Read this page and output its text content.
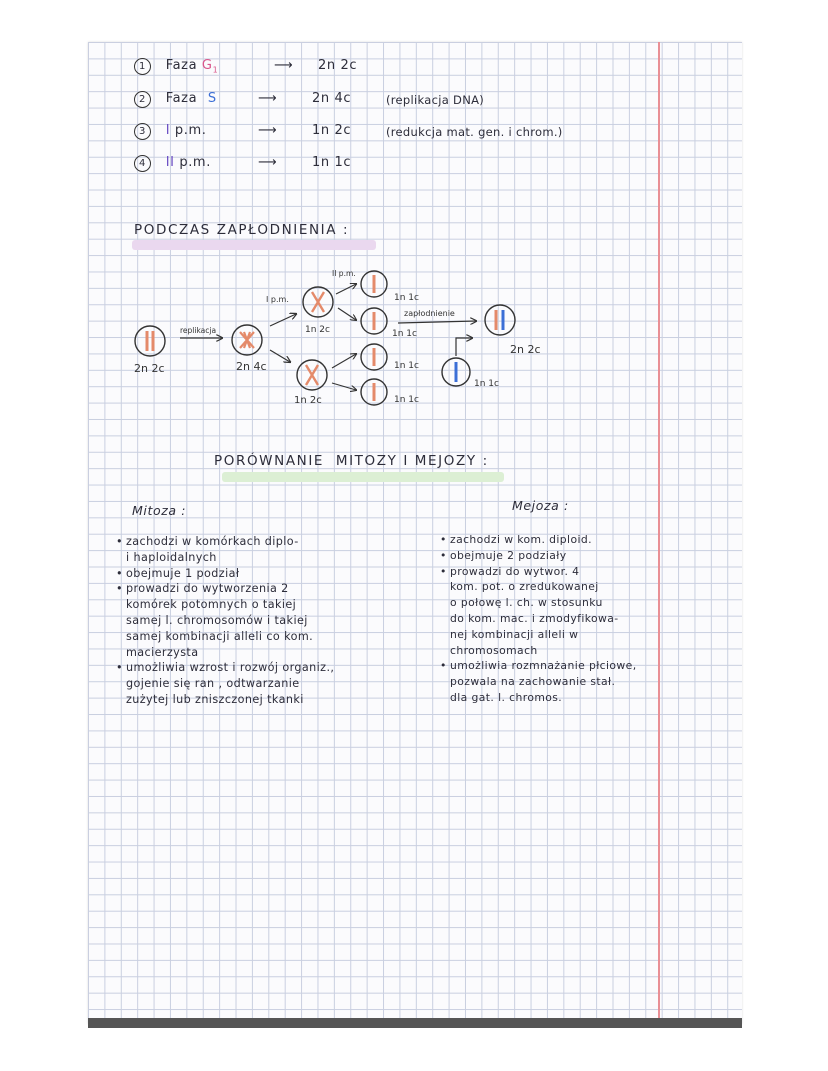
1 Faza $G_1$	⟶ 2n 2c
2 Faza S	⟶	2n 4c	(replikacja DNA)
3 I p.m.	⟶	1n 2c	(redukcja mat. gen. i chrom.)
4 II p.m.	⟶	1n 1c
PODCZAS ZAPŁODNIENIA :
2n 2c
replikacja
2n 4c
I p.m.
II p.m.
1n 2c
1n 2c
1n 1c
1n 1c
1n 1c
1n 1c
zapłodnienie
1n 1c
2n 2c
PORÓWNANIE  MITOZY I MEJOZY :
Mitoza :
• zachodzi w komórkach diplo-
i haploidalnych
• obejmuje 1 podział
• prowadzi do wytworzenia 2
komórek potomnych o takiej
samej l. chromosomów i takiej
samej kombinacji alleli co kom.
macierzysta
• umożliwia wzrost i rozwój organiz.,
gojenie się ran , odtwarzanie
zużytej lub zniszczonej tkanki
Mejoza :
• zachodzi w kom. diploid.
• obejmuje 2 podziały
• prowadzi do wytwor. 4
kom. pot. o zredukowanej
o połowę l. ch. w stosunku
do kom. mac. i zmodyfikowa-
nej kombinacji alleli w
chromosomach
• umożliwia rozmnażanie płciowe,
pozwala na zachowanie stał.
dla gat. l. chromos.
